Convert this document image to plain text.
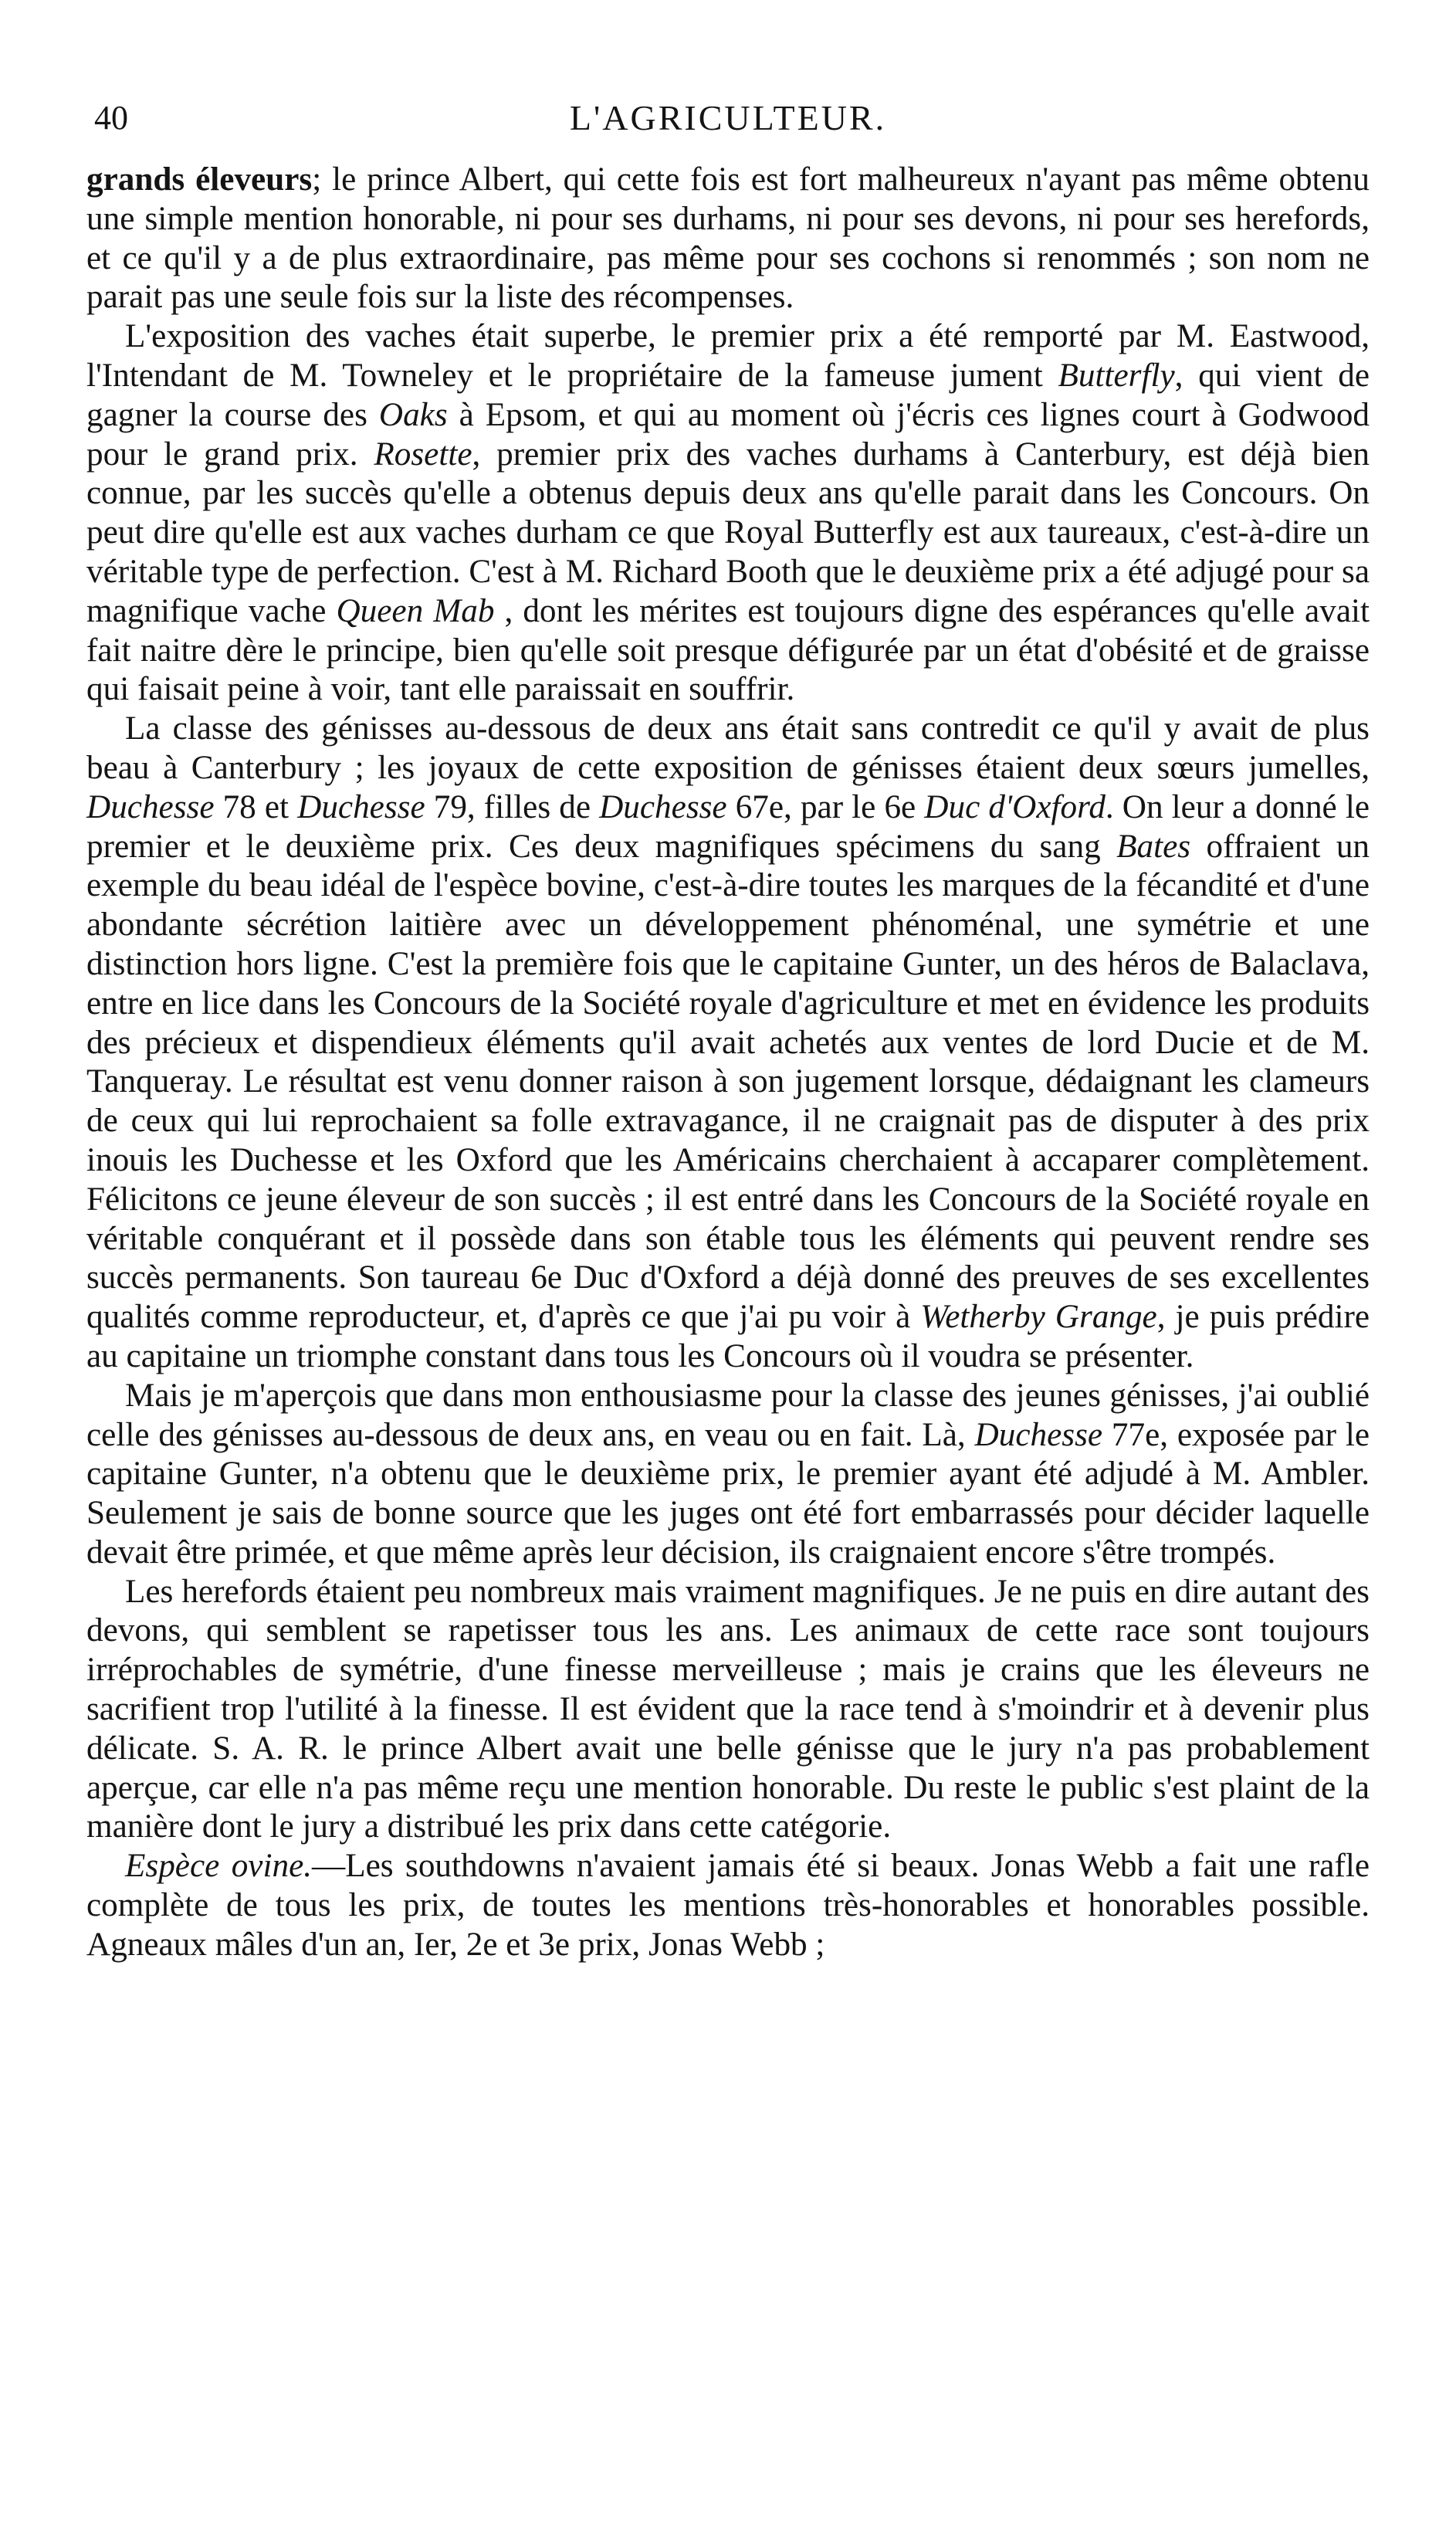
40	L'AGRICULTEUR.

grands éleveurs; le prince Albert, qui cette fois est fort malheureux n'ayant pas même obtenu une simple mention honorable, ni pour ses durhams, ni pour ses devons, ni pour ses herefords, et ce qu'il y a de plus extraordinaire, pas même pour ses cochons si renommés ; son nom ne parait pas une seule fois sur la liste des récompenses.

L'exposition des vaches était superbe, le premier prix a été remporté par M. Eastwood, l'Intendant de M. Towneley et le propriétaire de la fameuse jument Butterfly, qui vient de gagner la course des Oaks à Epsom, et qui au moment où j'écris ces lignes court à Godwood pour le grand prix. Rosette, premier prix des vaches durhams à Canterbury, est déjà bien connue, par les succès qu'elle a obtenus depuis deux ans qu'elle parait dans les Concours. On peut dire qu'elle est aux vaches durham ce que Royal Butterfly est aux taureaux, c'est-à-dire un véritable type de perfection. C'est à M. Richard Booth que le deuxième prix a été adjugé pour sa magnifique vache Queen Mab , dont les mérites est toujours digne des espérances qu'elle avait fait naitre dère le principe, bien qu'elle soit presque défigurée par un état d'obésité et de graisse qui faisait peine à voir, tant elle paraissait en souffrir.

La classe des génisses au-dessous de deux ans était sans contredit ce qu'il y avait de plus beau à Canterbury ; les joyaux de cette exposition de génisses étaient deux sœurs jumelles, Duchesse 78 et Duchesse 79, filles de Duchesse 67e, par le 6e Duc d'Oxford. On leur a donné le premier et le deuxième prix. Ces deux magnifiques spécimens du sang Bates offraient un exemple du beau idéal de l'espèce bovine, c'est-à-dire toutes les marques de la fécandité et d'une abondante sécrétion laitière avec un développement phénoménal, une symétrie et une distinction hors ligne. C'est la première fois que le capitaine Gunter, un des héros de Balaclava, entre en lice dans les Concours de la Société royale d'agriculture et met en évidence les produits des précieux et dispendieux éléments qu'il avait achetés aux ventes de lord Ducie et de M. Tanqueray. Le résultat est venu donner raison à son jugement lorsque, dédaignant les clameurs de ceux qui lui reprochaient sa folle extravagance, il ne craignait pas de disputer à des prix inouis les Duchesse et les Oxford que les Américains cherchaient à accaparer complètement. Félicitons ce jeune éleveur de son succès ; il est entré dans les Concours de la Société royale en véritable conquérant et il possède dans son étable tous les éléments qui peuvent rendre ses succès permanents. Son taureau 6e Duc d'Oxford a déjà donné des preuves de ses excellentes qualités comme reproducteur, et, d'après ce que j'ai pu voir à Wetherby Grange, je puis prédire au capitaine un triomphe constant dans tous les Concours où il voudra se présenter.

Mais je m'aperçois que dans mon enthousiasme pour la classe des jeunes génisses, j'ai oublié celle des génisses au-dessous de deux ans, en veau ou en fait. Là, Duchesse 77e, exposée par le capitaine Gunter, n'a obtenu que le deuxième prix, le premier ayant été adjudé à M. Ambler. Seulement je sais de bonne source que les juges ont été fort embarrassés pour décider laquelle devait être primée, et que même après leur décision, ils craignaient encore s'être trompés.

Les herefords étaient peu nombreux mais vraiment magnifiques. Je ne puis en dire autant des devons, qui semblent se rapetisser tous les ans. Les animaux de cette race sont toujours irréprochables de symétrie, d'une finesse merveilleuse ; mais je crains que les éleveurs ne sacrifient trop l'utilité à la finesse. Il est évident que la race tend à s'moindrir et à devenir plus délicate. S. A. R. le prince Albert avait une belle génisse que le jury n'a pas probablement aperçue, car elle n'a pas même reçu une mention honorable. Du reste le public s'est plaint de la manière dont le jury a distribué les prix dans cette catégorie.

Espèce ovine.—Les southdowns n'avaient jamais été si beaux. Jonas Webb a fait une rafle complète de tous les prix, de toutes les mentions très-honorables et honorables possible. Agneaux mâles d'un an, Ier, 2e et 3e prix, Jonas Webb ;
